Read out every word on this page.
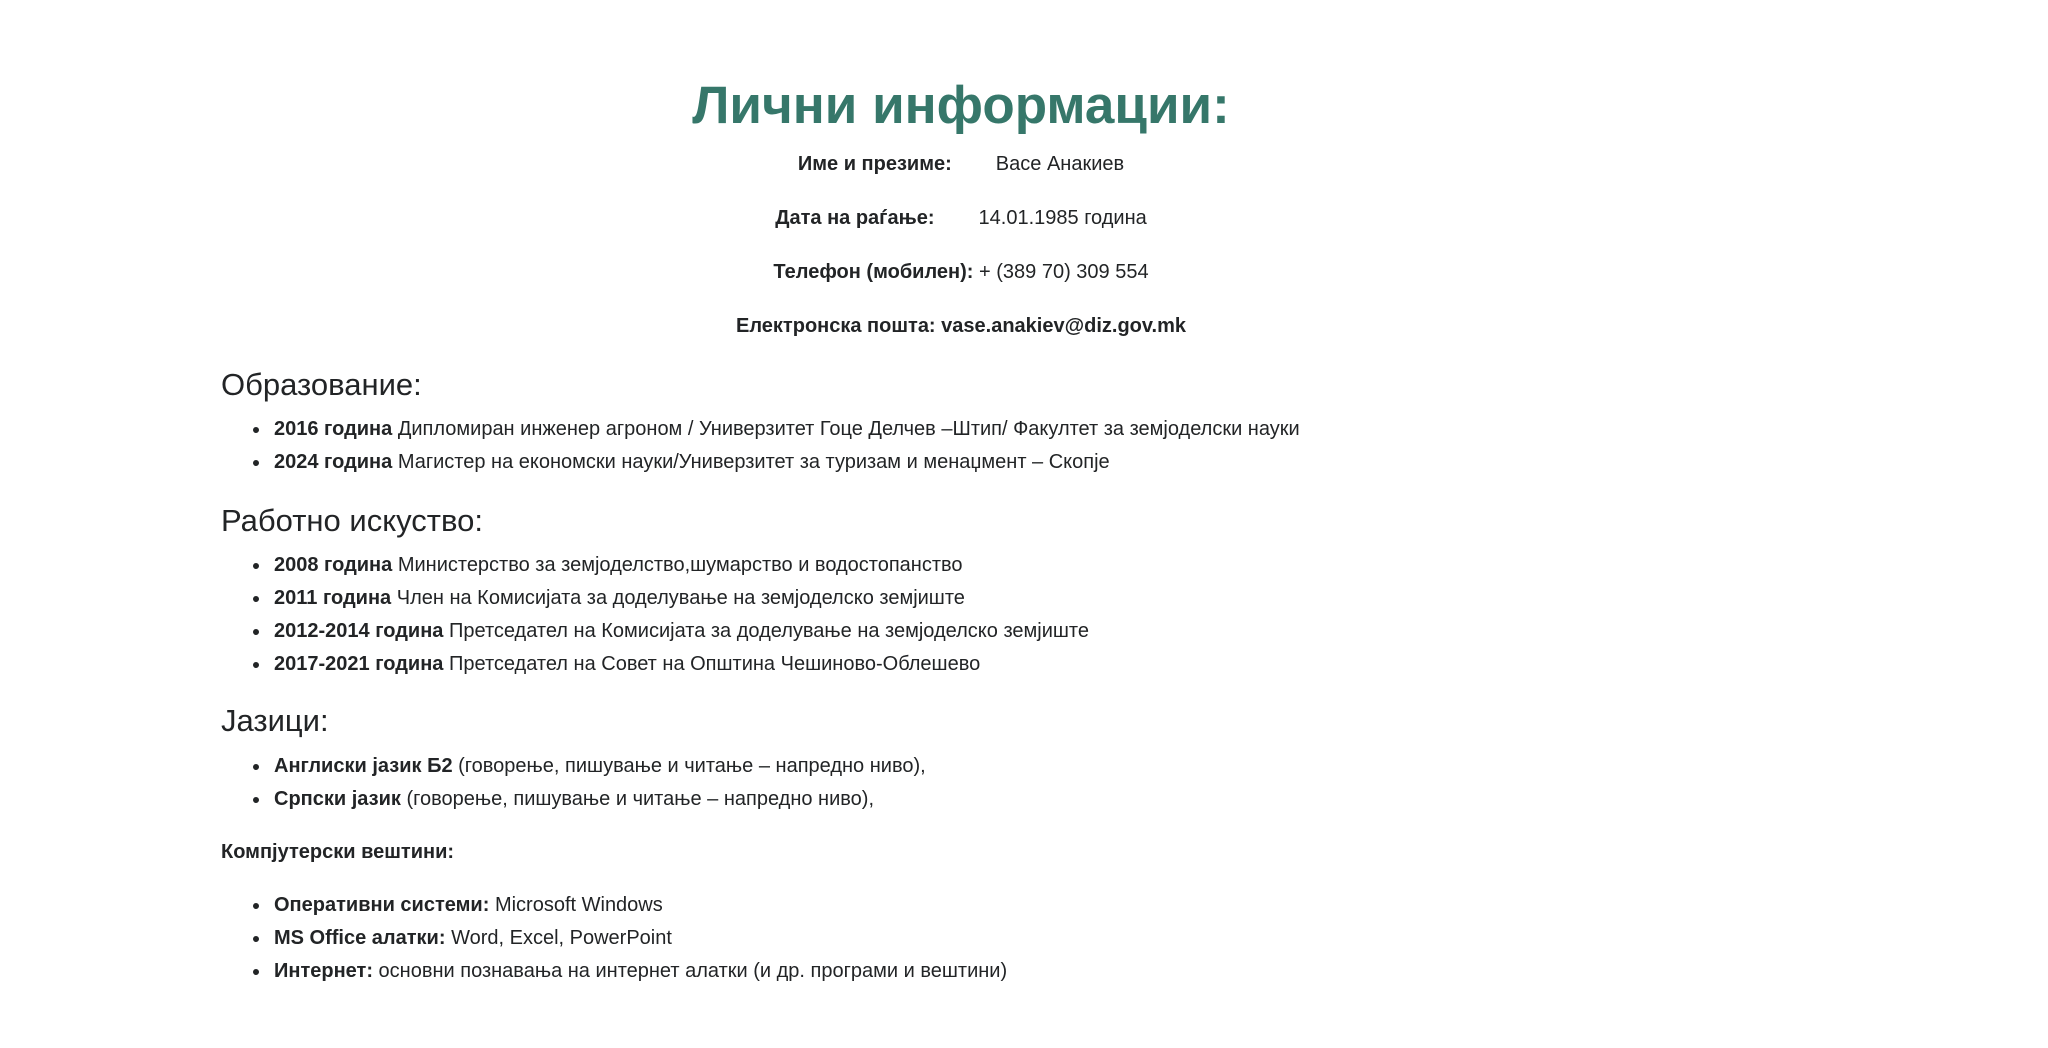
Лични информации:

Име и презиме: Васе Анакиев

Дата на раѓање: 14.01.1985 година

Телефон (мобилен): + (389 70) 309 554

Електронска пошта: vase.anakiev@diz.gov.mk

Образование:
2016 година Дипломиран инженер агроном / Универзитет Гоце Делчев –Штип/ Факултет за земјоделски науки
2024 година Магистер на економски науки/Универзитет за туризам и менаџмент – Скопје
Работно искуство:
2008 година Министерство за земјоделство,шумарство и водостопанство
2011 година Член на Комисијата за доделување на земјоделско земјиште
2012-2014 година Претседател на Комисијата за доделување на земјоделско земјиште
2017-2021 година Претседател на Совет на Општина Чешиново-Облешево
Јазици:
Англиски јазик Б2 (говорење, пишување и читање – напредно ниво),
Српски јазик (говорење, пишување и читање – напредно ниво),
Компјутерски вештини:
Оперативни системи: Microsoft Windows
MS Office алатки: Word, Excel, PowerPoint
Интернет: основни познавања на интернет алатки (и др. програми и вештини)
